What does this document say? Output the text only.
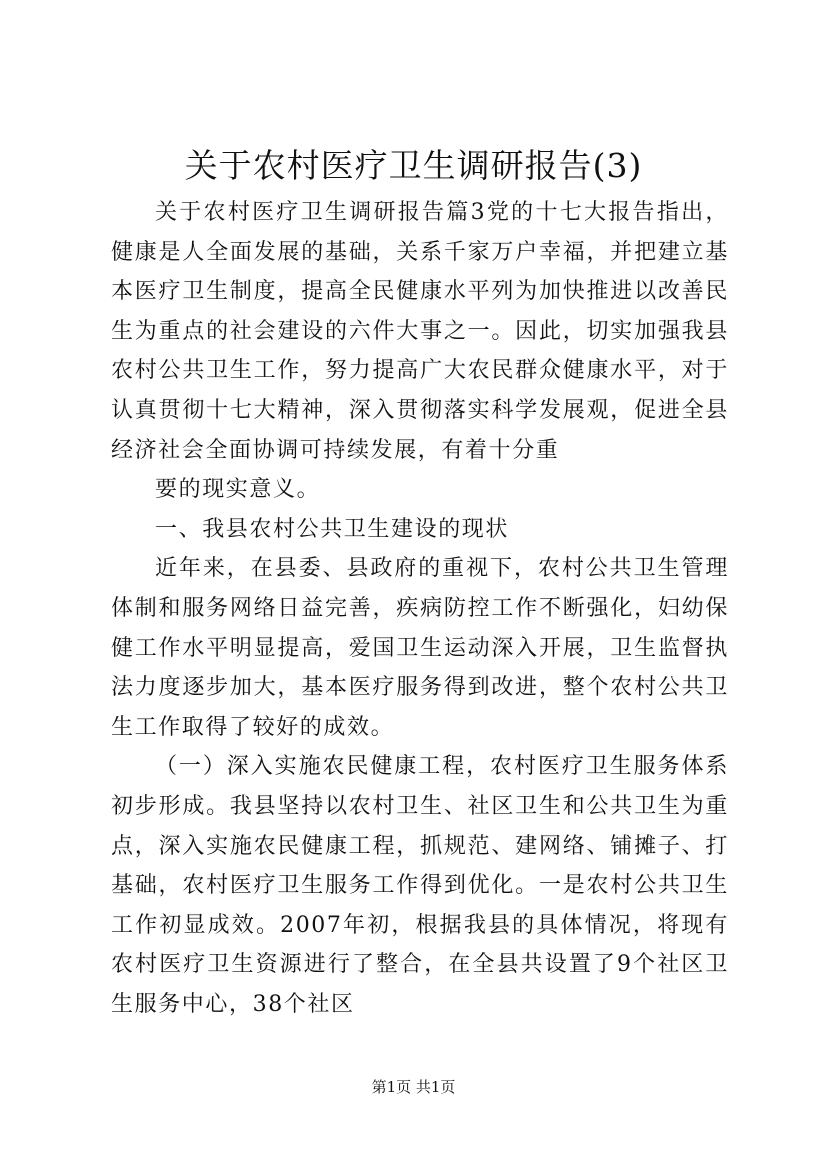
关于农村医疗卫生调研报告(3)

关于农村医疗卫生调研报告篇3党的十七大报告指出，健康是人全面发展的基础，关系千家万户幸福，并把建立基本医疗卫生制度，提高全民健康水平列为加快推进以改善民生为重点的社会建设的六件大事之一。因此，切实加强我县农村公共卫生工作，努力提高广大农民群众健康水平，对于认真贯彻十七大精神，深入贯彻落实科学发展观，促进全县经济社会全面协调可持续发展，有着十分重

要的现实意义。

一、我县农村公共卫生建设的现状

近年来，在县委、县政府的重视下，农村公共卫生管理体制和服务网络日益完善，疾病防控工作不断强化，妇幼保健工作水平明显提高，爱国卫生运动深入开展，卫生监督执法力度逐步加大，基本医疗服务得到改进，整个农村公共卫生工作取得了较好的成效。

（一）深入实施农民健康工程，农村医疗卫生服务体系初步形成。我县坚持以农村卫生、社区卫生和公共卫生为重点，深入实施农民健康工程，抓规范、建网络、铺摊子、打基础，农村医疗卫生服务工作得到优化。一是农村公共卫生工作初显成效。2007年初，根据我县的具体情况，将现有农村医疗卫生资源进行了整合，在全县共设置了9个社区卫生服务中心，38个社区

第1页 共1页
